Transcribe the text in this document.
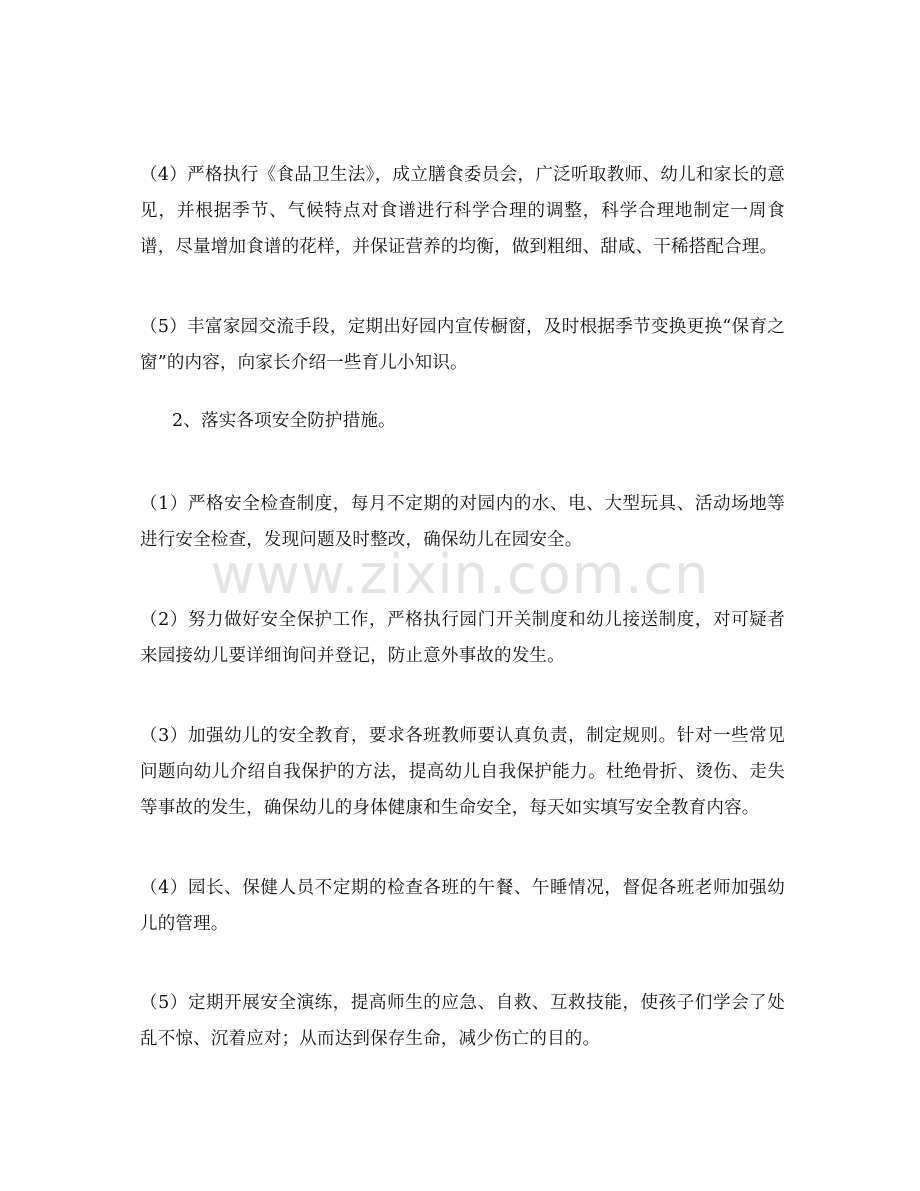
（4）严格执行《食品卫生法》，成立膳食委员会，广泛听取教师、幼儿和家长的意见，并根据季节、气候特点对食谱进行科学合理的调整，科学合理地制定一周食谱，尽量增加食谱的花样，并保证营养的均衡，做到粗细、甜咸、干稀搭配合理。

（5）丰富家园交流手段，定期出好园内宣传橱窗，及时根据季节变换更换“保育之窗”的内容，向家长介绍一些育儿小知识。

2、落实各项安全防护措施。

（1）严格安全检查制度，每月不定期的对园内的水、电、大型玩具、活动场地等进行安全检查，发现问题及时整改，确保幼儿在园安全。

（2）努力做好安全保护工作，严格执行园门开关制度和幼儿接送制度，对可疑者来园接幼儿要详细询问并登记，防止意外事故的发生。

（3）加强幼儿的安全教育，要求各班教师要认真负责，制定规则。针对一些常见问题向幼儿介绍自我保护的方法，提高幼儿自我保护能力。杜绝骨折、烫伤、走失等事故的发生，确保幼儿的身体健康和生命安全，每天如实填写安全教育内容。

（4）园长、保健人员不定期的检查各班的午餐、午睡情况，督促各班老师加强幼儿的管理。

（5）定期开展安全演练，提高师生的应急、自救、互救技能，使孩子们学会了处乱不惊、沉着应对；从而达到保存生命，减少伤亡的目的。

www.zixin.com.cn
